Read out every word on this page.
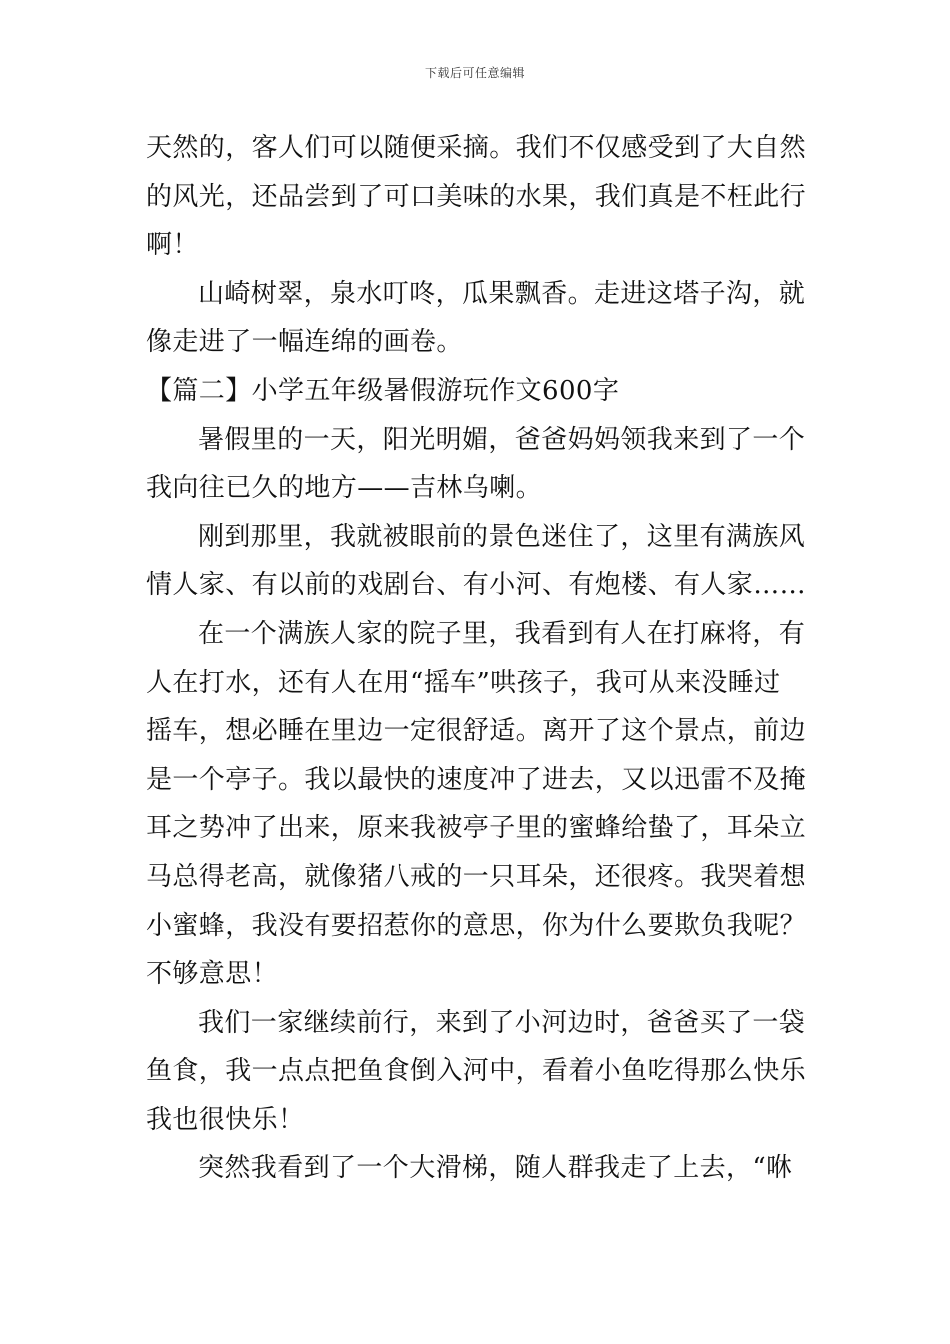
下载后可任意编辑
天然的，客人们可以随便采摘。我们不仅感受到了大自然
的风光，还品尝到了可口美味的水果，我们真是不枉此行
啊！
山崎树翠，泉水叮咚，瓜果飘香。走进这塔子沟，就
像走进了一幅连绵的画卷。
【篇二】小学五年级暑假游玩作文600字
暑假里的一天，阳光明媚，爸爸妈妈领我来到了一个
我向往已久的地方——吉林乌喇。
刚到那里，我就被眼前的景色迷住了，这里有满族风
情人家、有以前的戏剧台、有小河、有炮楼、有人家……
在一个满族人家的院子里，我看到有人在打麻将，有
人在打水，还有人在用“摇车”哄孩子，我可从来没睡过
摇车，想必睡在里边一定很舒适。离开了这个景点，前边
是一个亭子。我以最快的速度冲了进去，又以迅雷不及掩
耳之势冲了出来，原来我被亭子里的蜜蜂给蛰了，耳朵立
马总得老高，就像猪八戒的一只耳朵，还很疼。我哭着想
小蜜蜂，我没有要招惹你的意思，你为什么要欺负我呢？
不够意思！
我们一家继续前行，来到了小河边时，爸爸买了一袋
鱼食，我一点点把鱼食倒入河中，看着小鱼吃得那么快乐
我也很快乐！
突然我看到了一个大滑梯，随人群我走了上去，“咻
